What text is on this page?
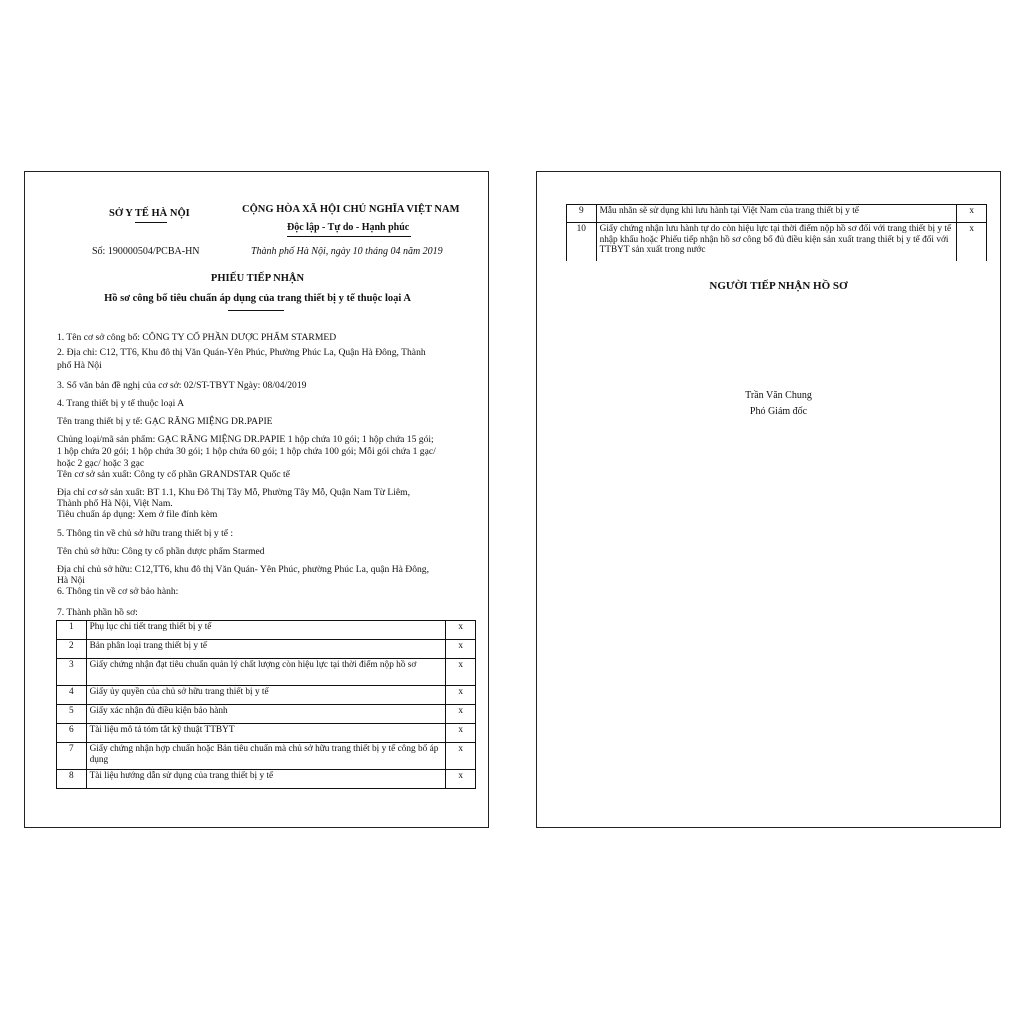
SỞ Y TẾ HÀ NỘI	CỘNG HÒA XÃ HỘI CHỦ NGHĨA VIỆT NAM
Độc lập - Tự do - Hạnh phúc
Số: 190000504/PCBA-HN	Thành phố Hà Nội, ngày 10 tháng 04 năm 2019
PHIẾU TIẾP NHẬN
Hồ sơ công bố tiêu chuẩn áp dụng của trang thiết bị y tế thuộc loại A
1. Tên cơ sở công bố: CÔNG TY CỔ PHẦN DƯỢC PHẨM STARMED
2. Địa chỉ: C12, TT6, Khu đô thị Văn Quán-Yên Phúc, Phường Phúc La, Quận Hà Đông, Thành
phố Hà Nội
3. Số văn bản đề nghị của cơ sở: 02/ST-TBYT Ngày: 08/04/2019
4. Trang thiết bị y tế thuộc loại A
Tên trang thiết bị y tế: GẠC RĂNG MIỆNG DR.PAPIE
Chủng loại/mã sản phẩm: GẠC RĂNG MIỆNG DR.PAPIE 1 hộp chứa 10 gói; 1 hộp chứa 15 gói;
1 hộp chứa 20 gói; 1 hộp chứa 30 gói; 1 hộp chứa 60 gói; 1 hộp chứa 100 gói; Mỗi gói chứa 1 gạc/
hoặc 2 gạc/ hoặc 3 gạc
Tên cơ sở sản xuất: Công ty cổ phần GRANDSTAR Quốc tế
Địa chỉ cơ sở sản xuất: BT 1.1, Khu Đô Thị Tây Mỗ, Phường Tây Mỗ, Quận Nam Từ Liêm,
Thành phố Hà Nội, Việt Nam.
Tiêu chuẩn áp dụng: Xem ở file đính kèm
5. Thông tin về chủ sở hữu trang thiết bị y tế :
Tên chủ sở hữu: Công ty cổ phần dược phẩm Starmed
Địa chỉ chủ sở hữu: C12,TT6, khu đô thị Văn Quán- Yên Phúc, phường Phúc La, quận Hà Đông,
Hà Nội
6. Thông tin về cơ sở bảo hành:
7. Thành phần hồ sơ:
1	Phụ lục chi tiết trang thiết bị y tế	x
2	Bản phân loại trang thiết bị y tế	x
3	Giấy chứng nhận đạt tiêu chuẩn quản lý chất lượng còn hiệu lực tại thời điểm nộp hồ sơ	x
4	Giấy ủy quyền của chủ sở hữu trang thiết bị y tế	x
5	Giấy xác nhận đủ điều kiện bảo hành	x
6	Tài liệu mô tả tóm tắt kỹ thuật TTBYT	x
7	Giấy chứng nhận hợp chuẩn hoặc Bản tiêu chuẩn mà chủ sở hữu trang thiết bị y tế công bố áp dụng	x
8	Tài liệu hướng dẫn sử dụng của trang thiết bị y tế	x
9	Mẫu nhãn sẽ sử dụng khi lưu hành tại Việt Nam của trang thiết bị y tế	x
10	Giấy chứng nhận lưu hành tự do còn hiệu lực tại thời điểm nộp hồ sơ đối với trang thiết bị y tế nhập khẩu hoặc Phiếu tiếp nhận hồ sơ công bố đủ điều kiện sản xuất trang thiết bị y tế đối với TTBYT sản xuất trong nước	x
NGƯỜI TIẾP NHẬN HỒ SƠ
Trần Văn Chung
Phó Giám đốc
